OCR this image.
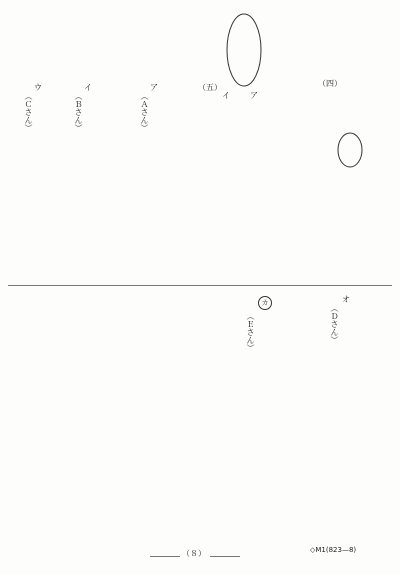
（四）
ア
イ
（五）
ア
（Ａさん）
イ
（Ｂさん）
ウ
（Ｃさん）
オ
（Ｄさん）
カ
（Ｅさん）
（８）	◇M1(823—8)
